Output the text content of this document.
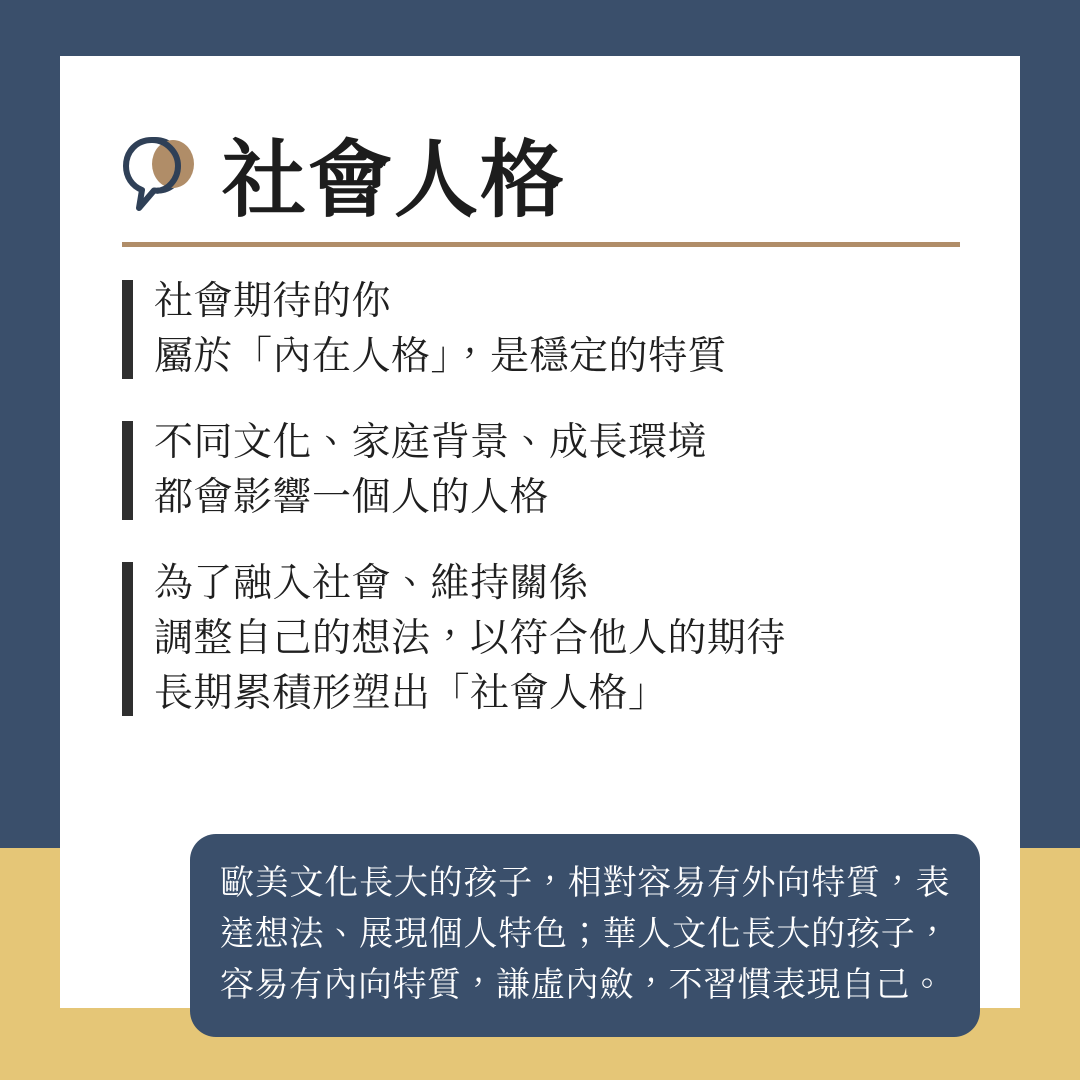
社會人格
社會期待的你
屬於「內在人格」，是穩定的特質
不同文化、家庭背景、成長環境
都會影響一個人的人格
為了融入社會、維持關係
調整自己的想法，以符合他人的期待
長期累積形塑出「社會人格」

歐美文化長大的孩子，相對容易有外向特質，表達想法、展現個人特色；華人文化長大的孩子，容易有內向特質，謙虛內斂，不習慣表現自己。
